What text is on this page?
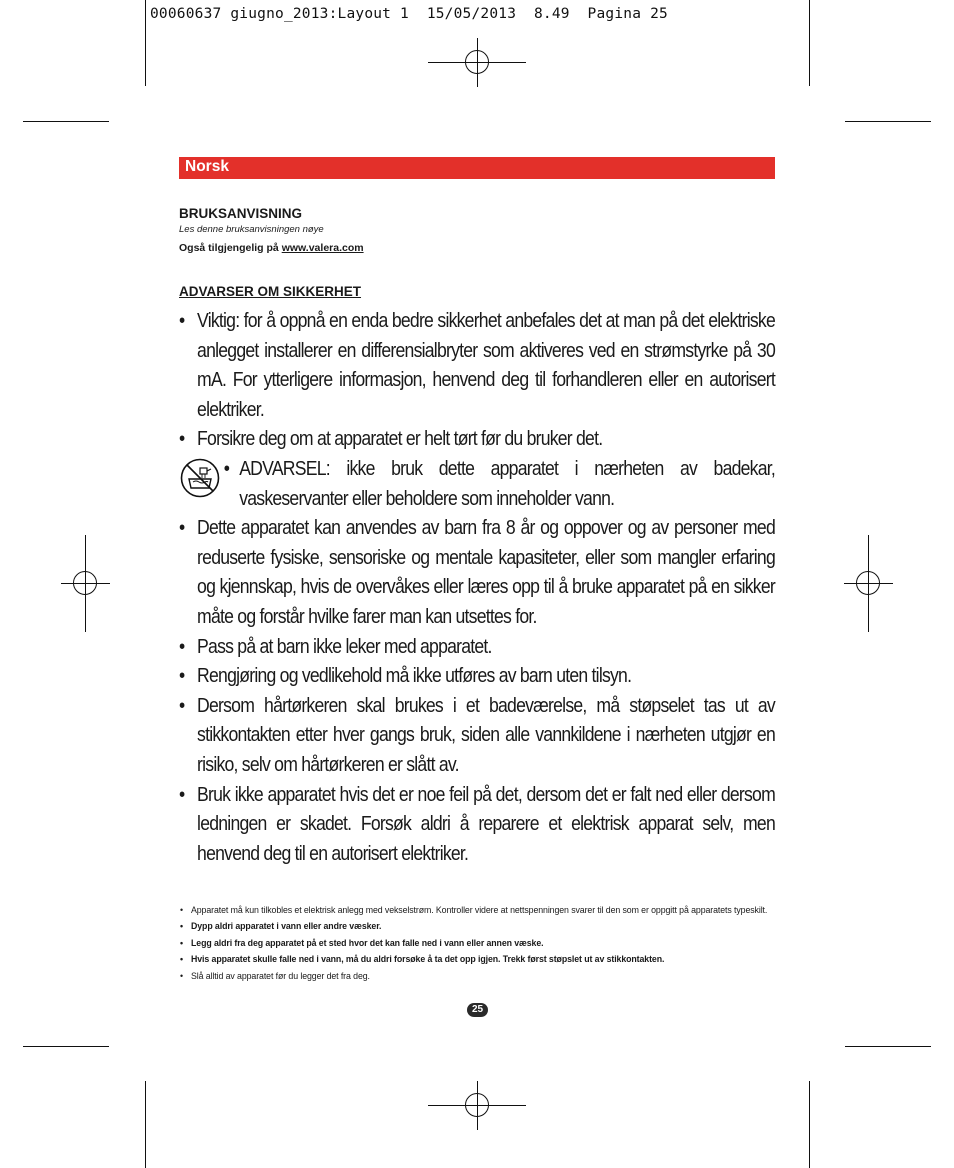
00060637 giugno_2013:Layout 1  15/05/2013  8.49  Pagina 25
Norsk
BRUKSANVISNING
Les denne bruksanvisningen nøye
Også tilgjengelig på www.valera.com
ADVARSER OM SIKKERHET
• Viktig: for å oppnå en enda bedre sikkerhet anbefales det at man på det elektriske anlegget installerer en differensialbryter som aktiveres ved en strømstyrke på 30 mA. For ytterligere informasjon, henvend deg til forhandleren eller en autorisert elektriker.
• Forsikre deg om at apparatet er helt tørt før du bruker det.
• ADVARSEL: ikke bruk dette apparatet i nærheten av badekar, vaskeservanter eller beholdere som inneholder vann.
• Dette apparatet kan anvendes av barn fra 8 år og oppover og av personer med reduserte fysiske, sensoriske og mentale kapasiteter, eller som mangler erfaring og kjennskap, hvis de overvåkes eller læres opp til å bruke apparatet på en sikker måte og forstår hvilke farer man kan utsettes for.
• Pass på at barn ikke leker med apparatet.
• Rengjøring og vedlikehold må ikke utføres av barn uten tilsyn.
• Dersom hårtørkeren skal brukes i et badeværelse, må støpselet tas ut av stikkontakten etter hver gangs bruk, siden alle vannkildene i nærheten utgjør en risiko, selv om hårtørkeren er slått av.
• Bruk ikke apparatet hvis det er noe feil på det, dersom det er falt ned eller dersom ledningen er skadet. Forsøk aldri å reparere et elektrisk apparat selv, men henvend deg til en autorisert elektriker.
• Apparatet må kun tilkobles et elektrisk anlegg med vekselstrøm. Kontroller videre at nettspenningen svarer til den som er oppgitt på apparatets typeskilt.
• Dypp aldri apparatet i vann eller andre væsker.
• Legg aldri fra deg apparatet på et sted hvor det kan falle ned i vann eller annen væske.
• Hvis apparatet skulle falle ned i vann, må du aldri forsøke å ta det opp igjen. Trekk først støpslet ut av stikkontakten.
• Slå alltid av apparatet før du legger det fra deg.
25
